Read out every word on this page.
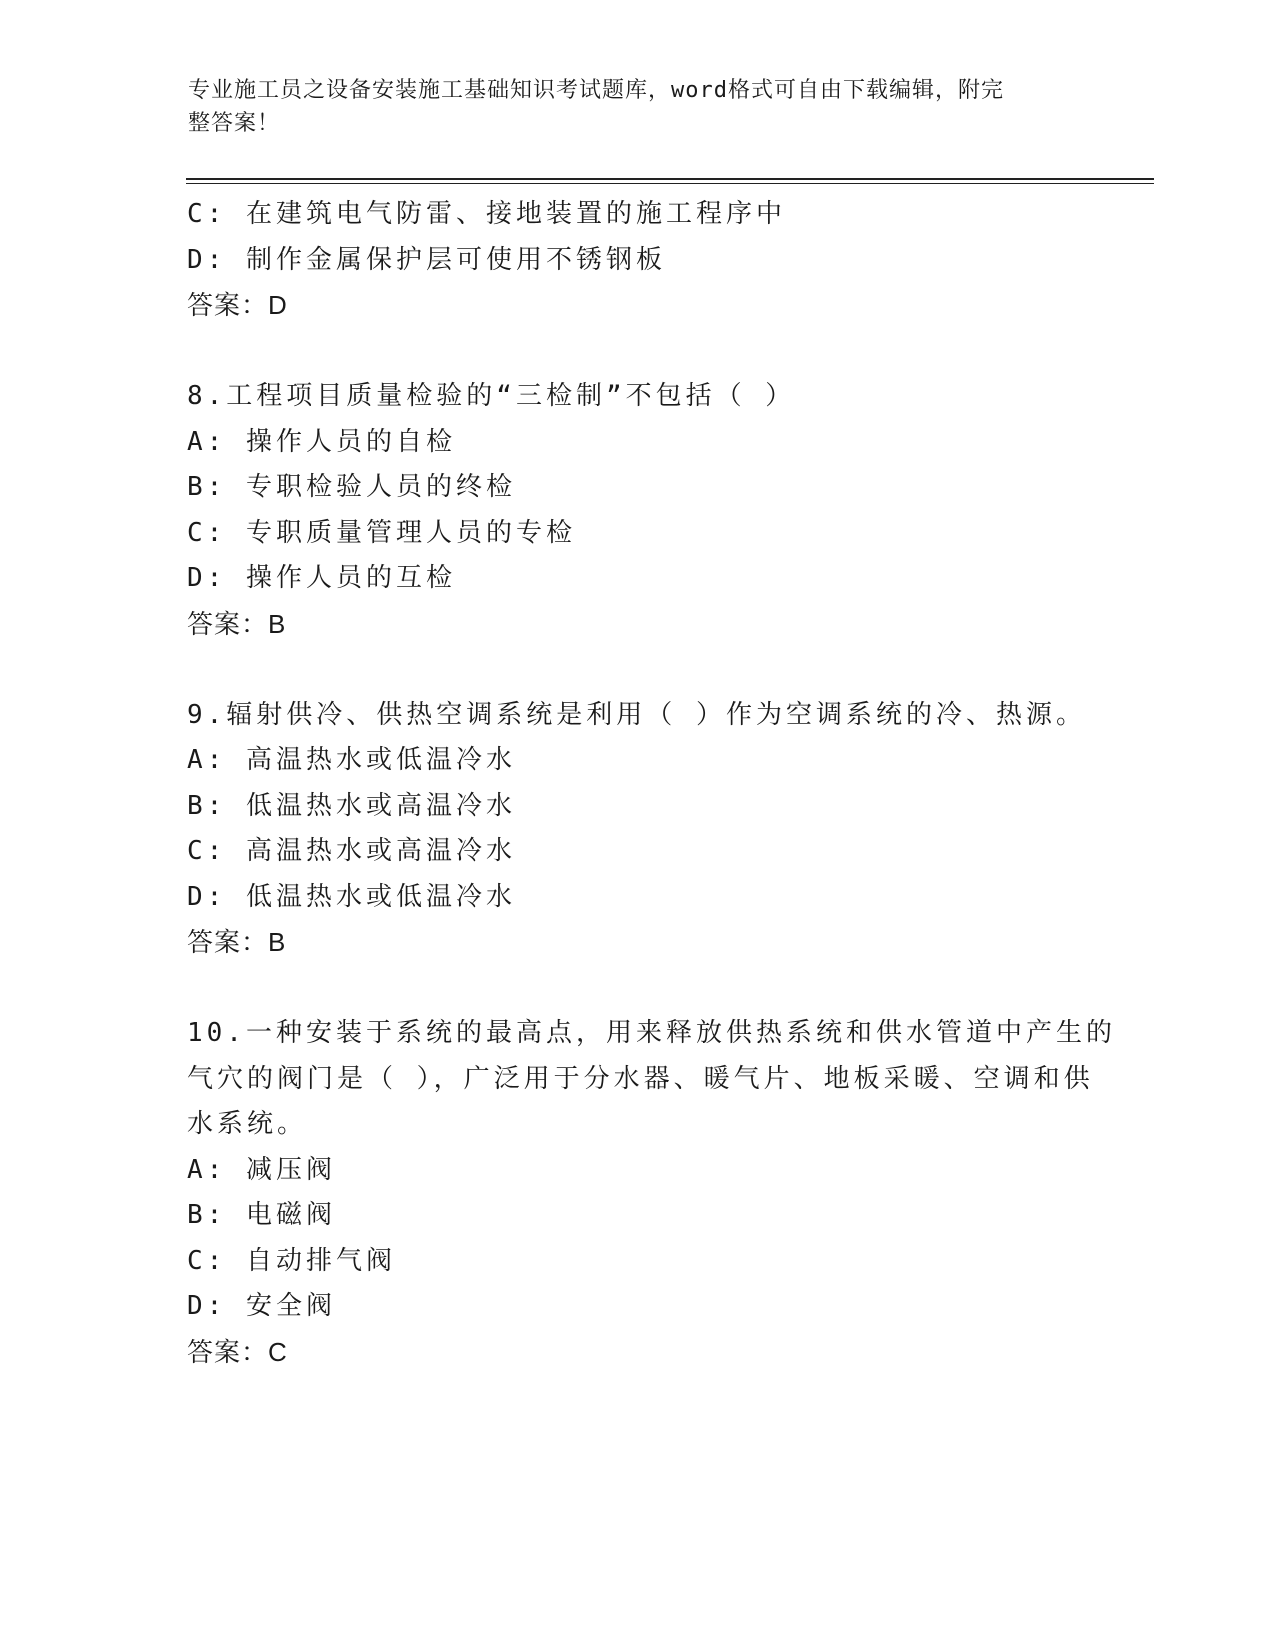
专业施工员之设备安装施工基础知识考试题库，word格式可自由下载编辑，附完
整答案！
C: 在建筑电气防雷、接地装置的施工程序中
D: 制作金属保护层可使用不锈钢板
答案：D
8.工程项目质量检验的“三检制”不包括（ ）
A: 操作人员的自检
B: 专职检验人员的终检
C: 专职质量管理人员的专检
D: 操作人员的互检
答案：B
9.辐射供冷、供热空调系统是利用（ ）作为空调系统的冷、热源。
A: 高温热水或低温冷水
B: 低温热水或高温冷水
C: 高温热水或高温冷水
D: 低温热水或低温冷水
答案：B
10.一种安装于系统的最高点，用来释放供热系统和供水管道中产生的
气穴的阀门是（ ），广泛用于分水器、暖气片、地板采暖、空调和供
水系统。
A: 减压阀
B: 电磁阀
C: 自动排气阀
D: 安全阀
答案：C
